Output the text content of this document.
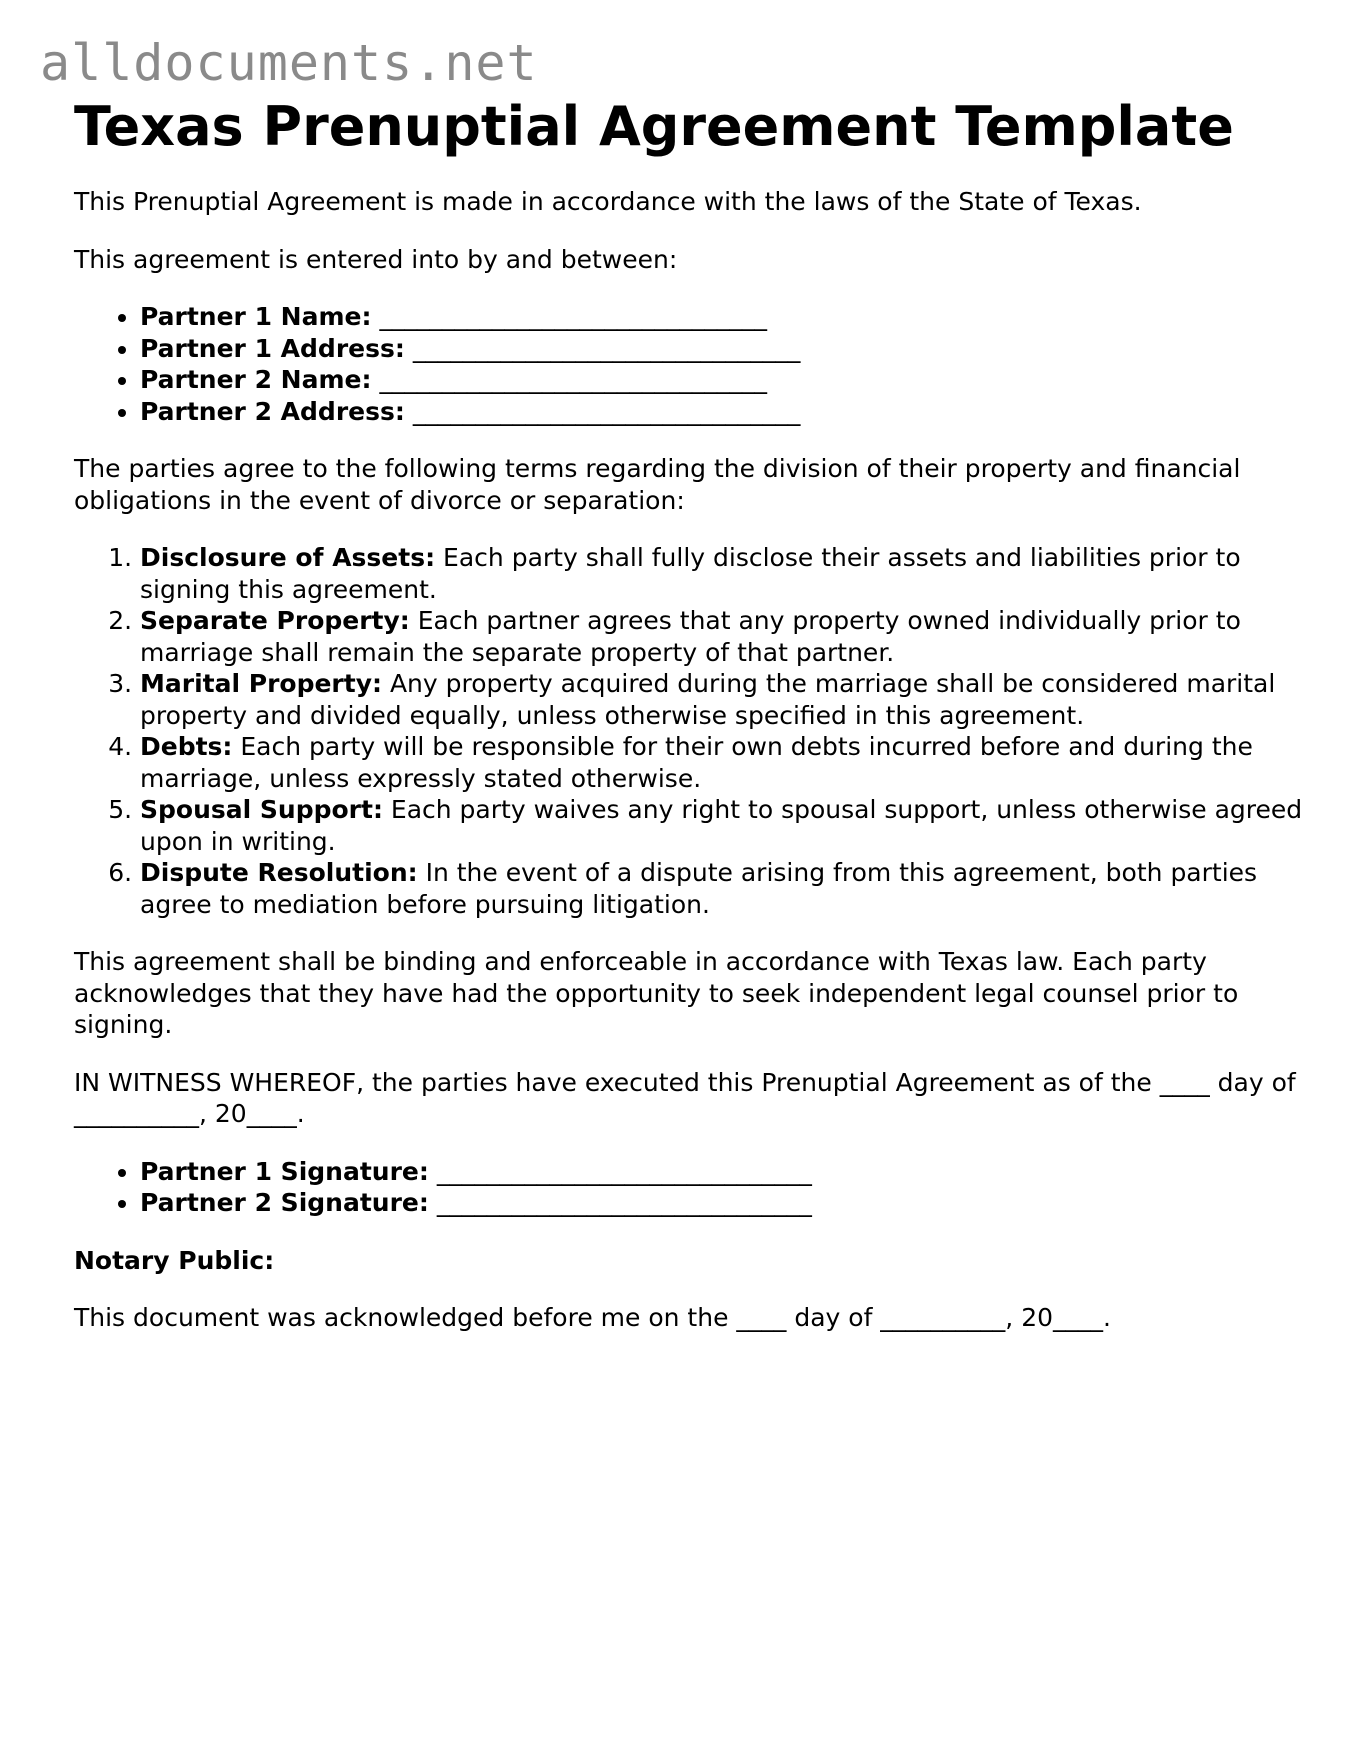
alldocuments.net
Texas Prenuptial Agreement Template

This Prenuptial Agreement is made in accordance with the laws of the State of Texas.

This agreement is entered into by and between:

• Partner 1 Name: _______________________________
• Partner 1 Address: _______________________________
• Partner 2 Name: _______________________________
• Partner 2 Address: _______________________________

The parties agree to the following terms regarding the division of their property and financial obligations in the event of divorce or separation:

1. Disclosure of Assets: Each party shall fully disclose their assets and liabilities prior to signing this agreement.
2. Separate Property: Each partner agrees that any property owned individually prior to marriage shall remain the separate property of that partner.
3. Marital Property: Any property acquired during the marriage shall be considered marital property and divided equally, unless otherwise specified in this agreement.
4. Debts: Each party will be responsible for their own debts incurred before and during the marriage, unless expressly stated otherwise.
5. Spousal Support: Each party waives any right to spousal support, unless otherwise agreed upon in writing.
6. Dispute Resolution: In the event of a dispute arising from this agreement, both parties agree to mediation before pursuing litigation.

This agreement shall be binding and enforceable in accordance with Texas law. Each party acknowledges that they have had the opportunity to seek independent legal counsel prior to signing.

IN WITNESS WHEREOF, the parties have executed this Prenuptial Agreement as of the ____ day of __________, 20____.

• Partner 1 Signature: ______________________________
• Partner 2 Signature: ______________________________

Notary Public:

This document was acknowledged before me on the ____ day of __________, 20____.
